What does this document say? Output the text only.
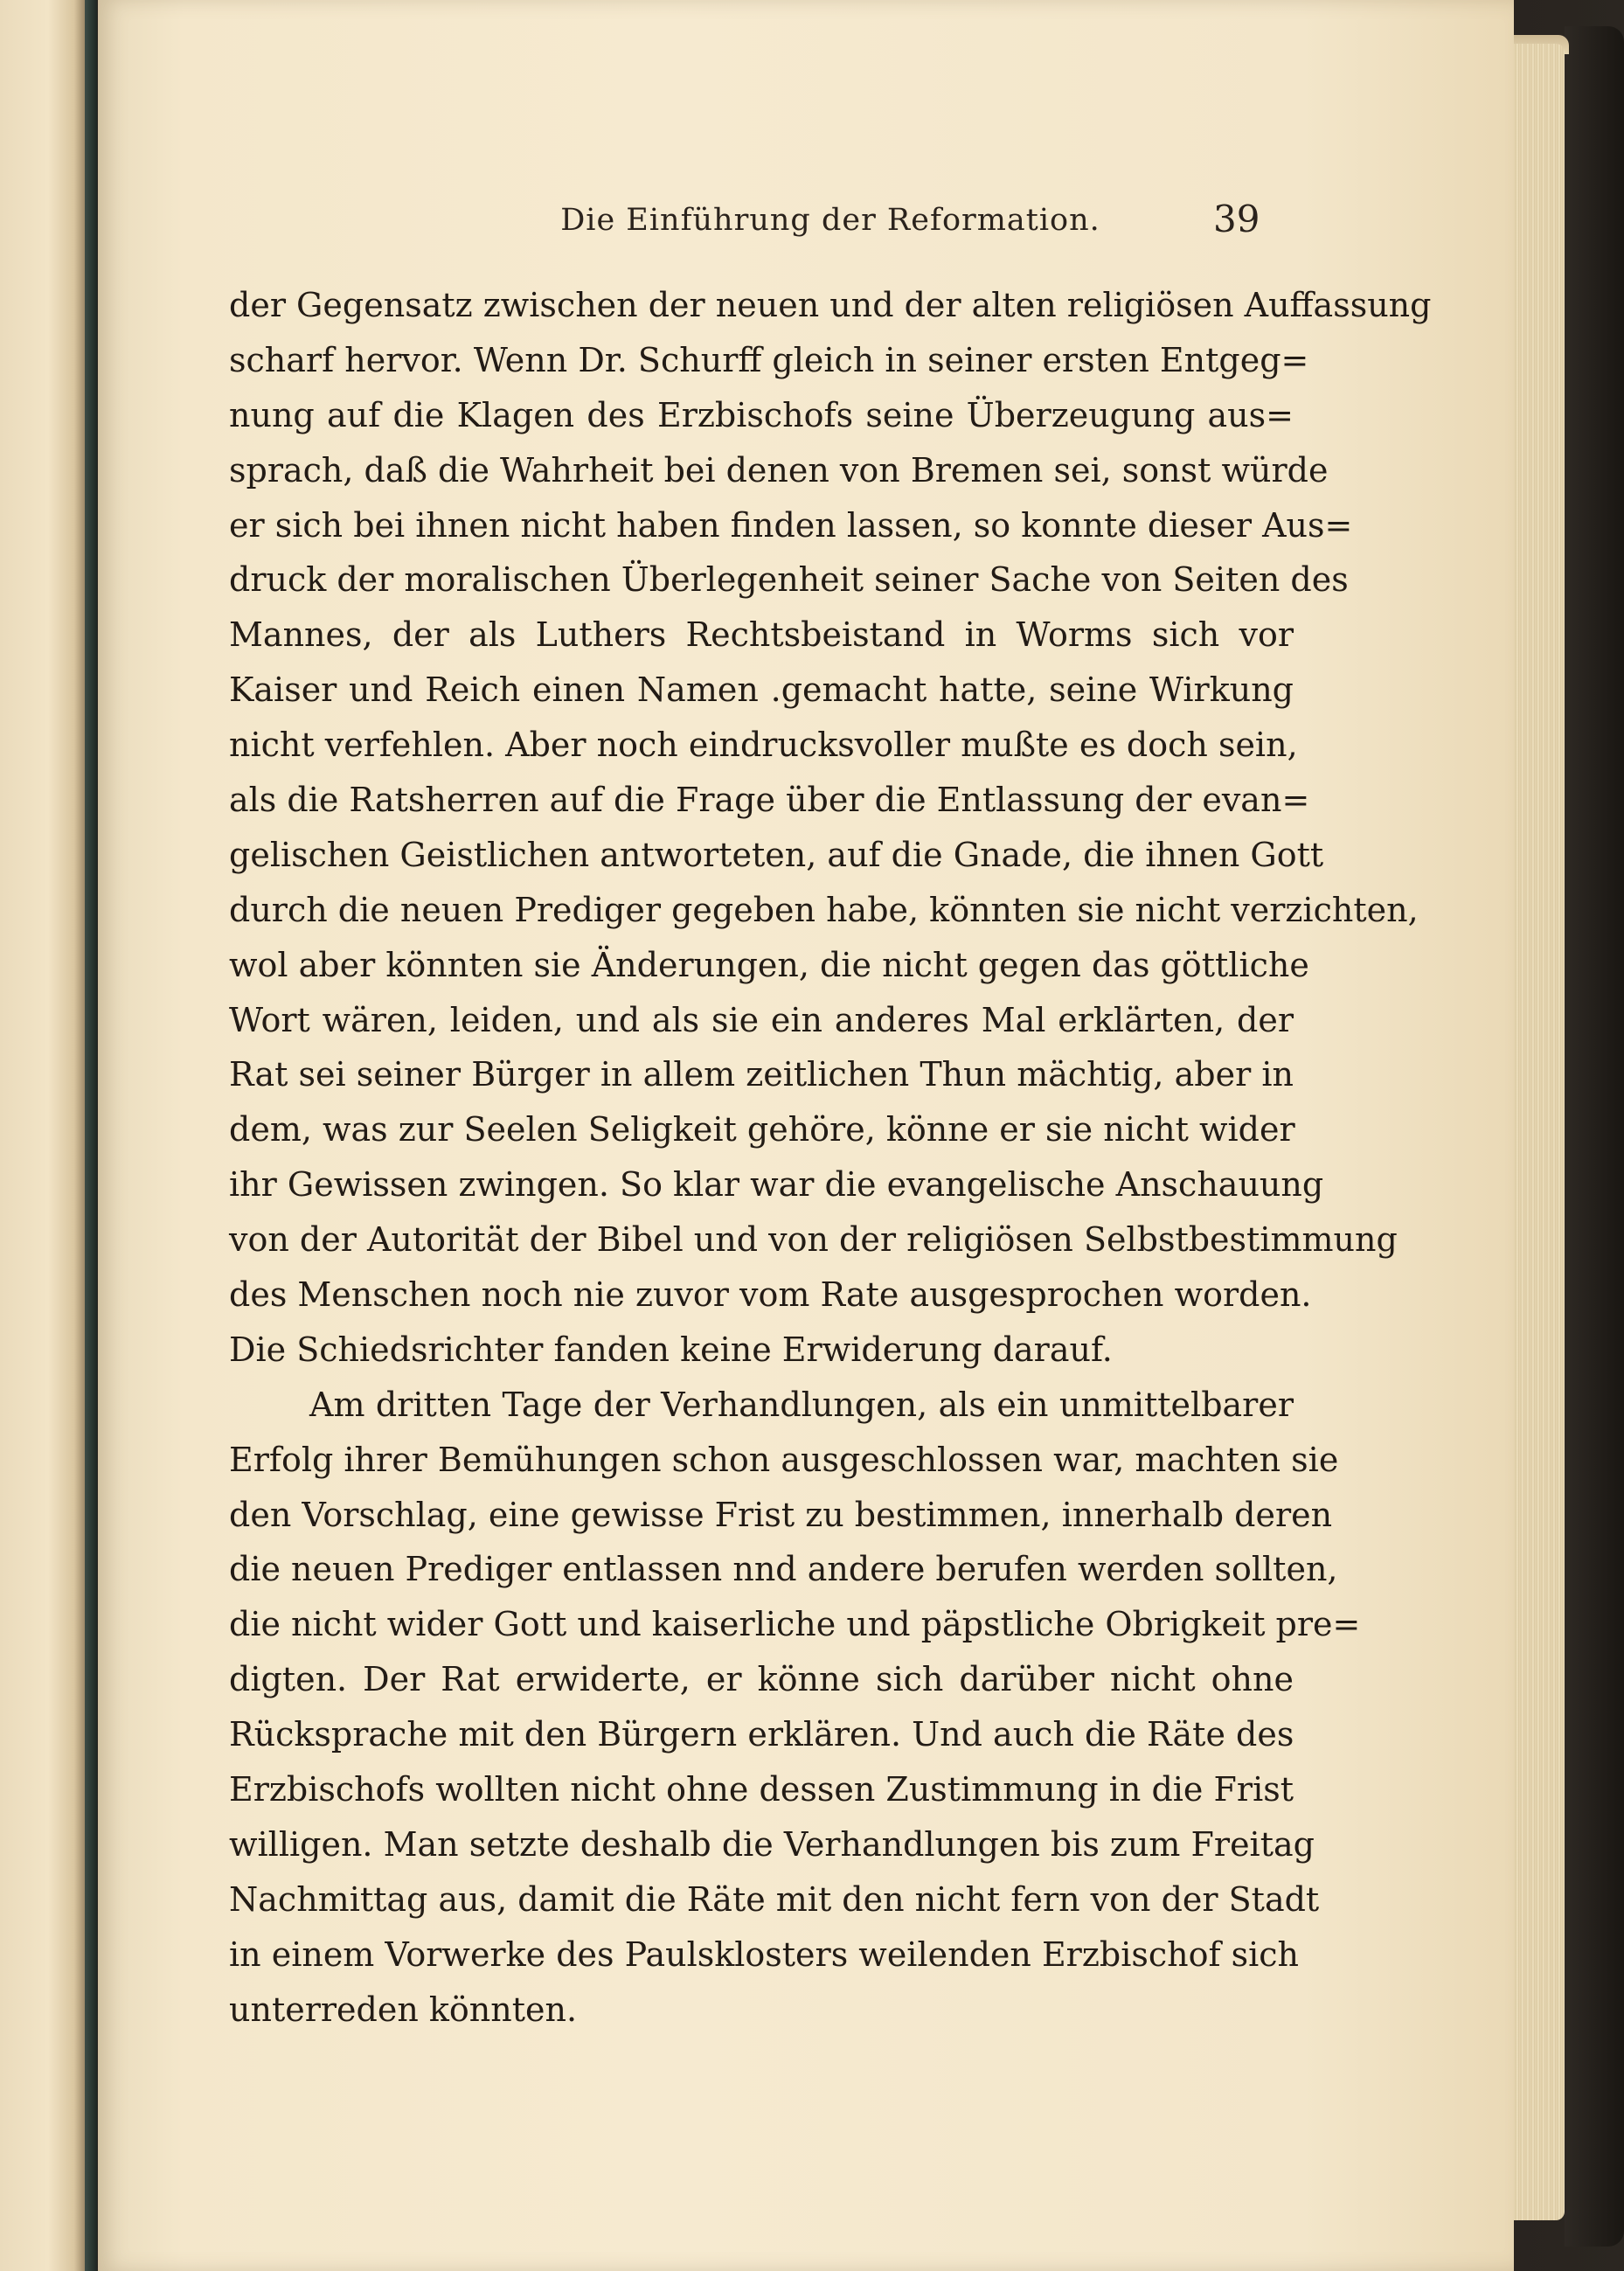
Die Einführung der Reformation.	39
der Gegensatz zwischen der neuen und der alten religiösen Auffassung
scharf hervor. Wenn Dr. Schurff gleich in seiner ersten Entgeg=
nung auf die Klagen des Erzbischofs seine Überzeugung aus=
sprach, daß die Wahrheit bei denen von Bremen sei, sonst würde
er sich bei ihnen nicht haben finden lassen, so konnte dieser Aus=
druck der moralischen Überlegenheit seiner Sache von Seiten des
Mannes, der als Luthers Rechtsbeistand in Worms sich vor
Kaiser und Reich einen Namen .gemacht hatte, seine Wirkung
nicht verfehlen. Aber noch eindrucksvoller mußte es doch sein,
als die Ratsherren auf die Frage über die Entlassung der evan=
gelischen Geistlichen antworteten, auf die Gnade, die ihnen Gott
durch die neuen Prediger gegeben habe, könnten sie nicht verzichten,
wol aber könnten sie Änderungen, die nicht gegen das göttliche
Wort wären, leiden, und als sie ein anderes Mal erklärten, der
Rat sei seiner Bürger in allem zeitlichen Thun mächtig, aber in
dem, was zur Seelen Seligkeit gehöre, könne er sie nicht wider
ihr Gewissen zwingen. So klar war die evangelische Anschauung
von der Autorität der Bibel und von der religiösen Selbstbestimmung
des Menschen noch nie zuvor vom Rate ausgesprochen worden.
Die Schiedsrichter fanden keine Erwiderung darauf.
Am dritten Tage der Verhandlungen, als ein unmittelbarer
Erfolg ihrer Bemühungen schon ausgeschlossen war, machten sie
den Vorschlag, eine gewisse Frist zu bestimmen, innerhalb deren
die neuen Prediger entlassen nnd andere berufen werden sollten,
die nicht wider Gott und kaiserliche und päpstliche Obrigkeit pre=
digten. Der Rat erwiderte, er könne sich darüber nicht ohne
Rücksprache mit den Bürgern erklären. Und auch die Räte des
Erzbischofs wollten nicht ohne dessen Zustimmung in die Frist
willigen. Man setzte deshalb die Verhandlungen bis zum Freitag
Nachmittag aus, damit die Räte mit den nicht fern von der Stadt
in einem Vorwerke des Paulsklosters weilenden Erzbischof sich
unterreden könnten.
